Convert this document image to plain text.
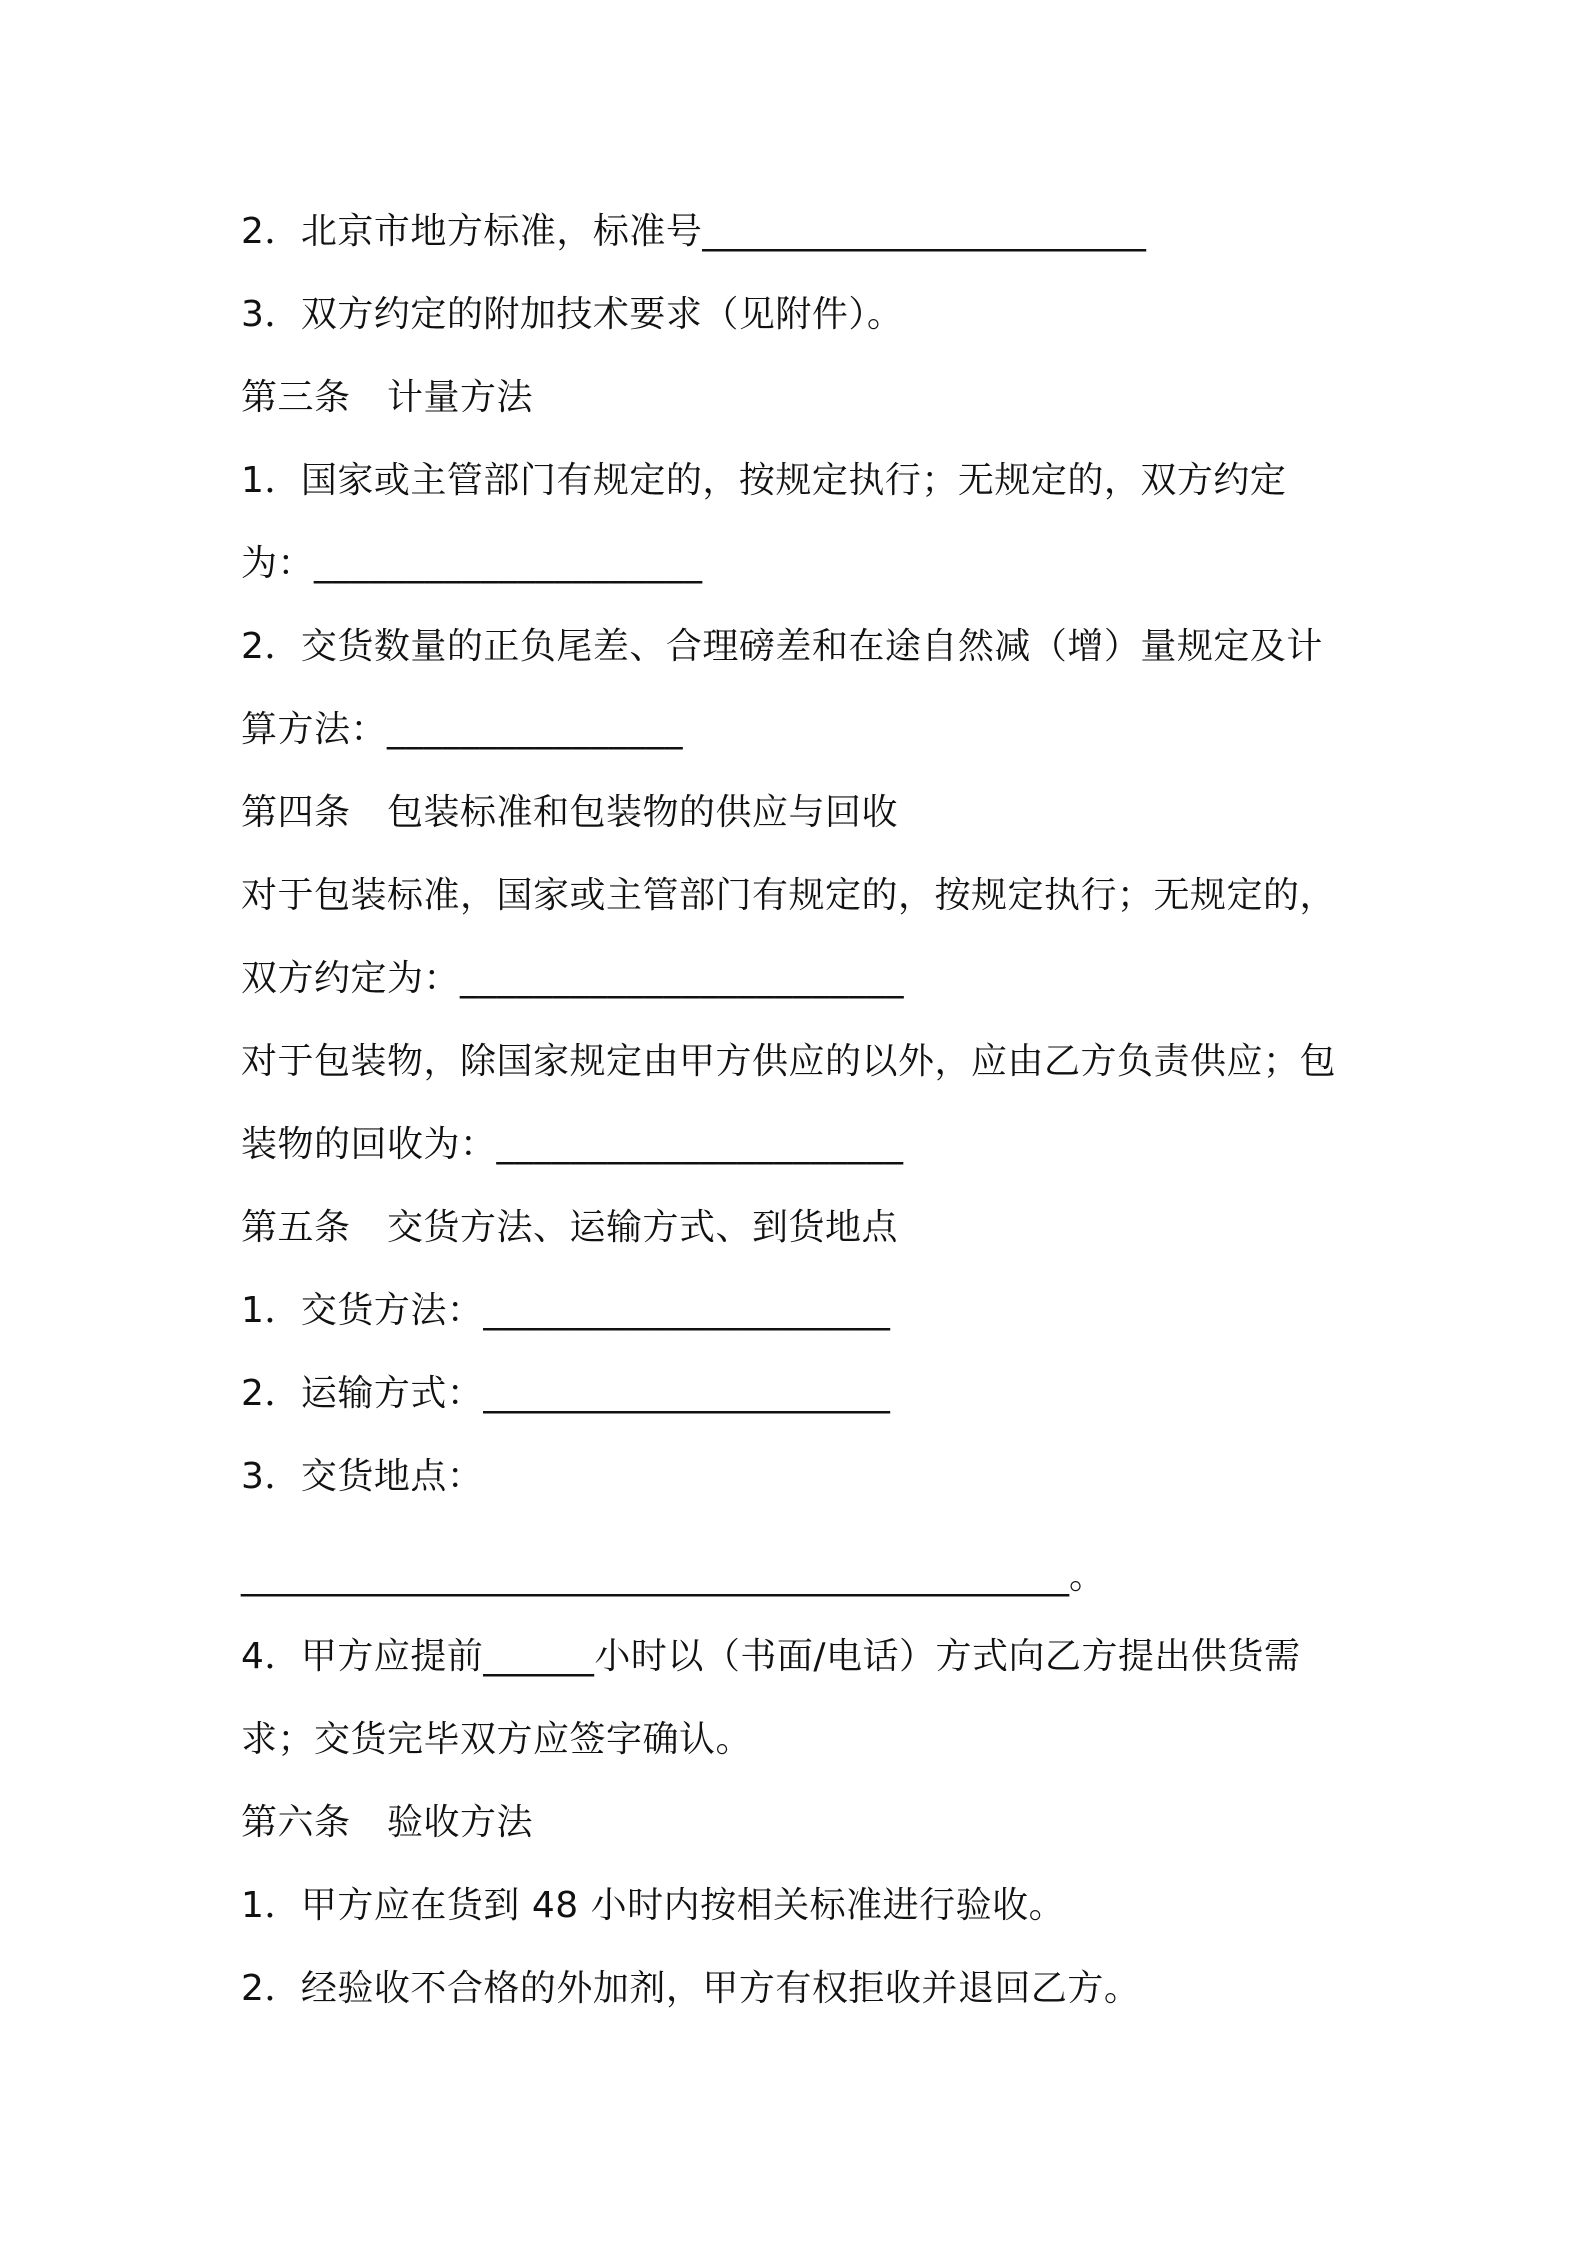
2．北京市地方标准，标准号________________________
3．双方约定的附加技术要求（见附件）。
第三条　计量方法
1．国家或主管部门有规定的，按规定执行；无规定的，双方约定
为：_____________________
2．交货数量的正负尾差、合理磅差和在途自然减（增）量规定及计
算方法：________________
第四条　包装标准和包装物的供应与回收
对于包装标准，国家或主管部门有规定的，按规定执行；无规定的，
双方约定为：________________________
对于包装物，除国家规定由甲方供应的以外，应由乙方负责供应；包
装物的回收为：______________________
第五条　交货方法、运输方式、到货地点
1．交货方法：______________________
2．运输方式：______________________
3．交货地点：
______________________________________________。
4．甲方应提前______小时以（书面/电话）方式向乙方提出供货需
求；交货完毕双方应签字确认。
第六条　验收方法
1．甲方应在货到 48 小时内按相关标准进行验收。
2．经验收不合格的外加剂，甲方有权拒收并退回乙方。
